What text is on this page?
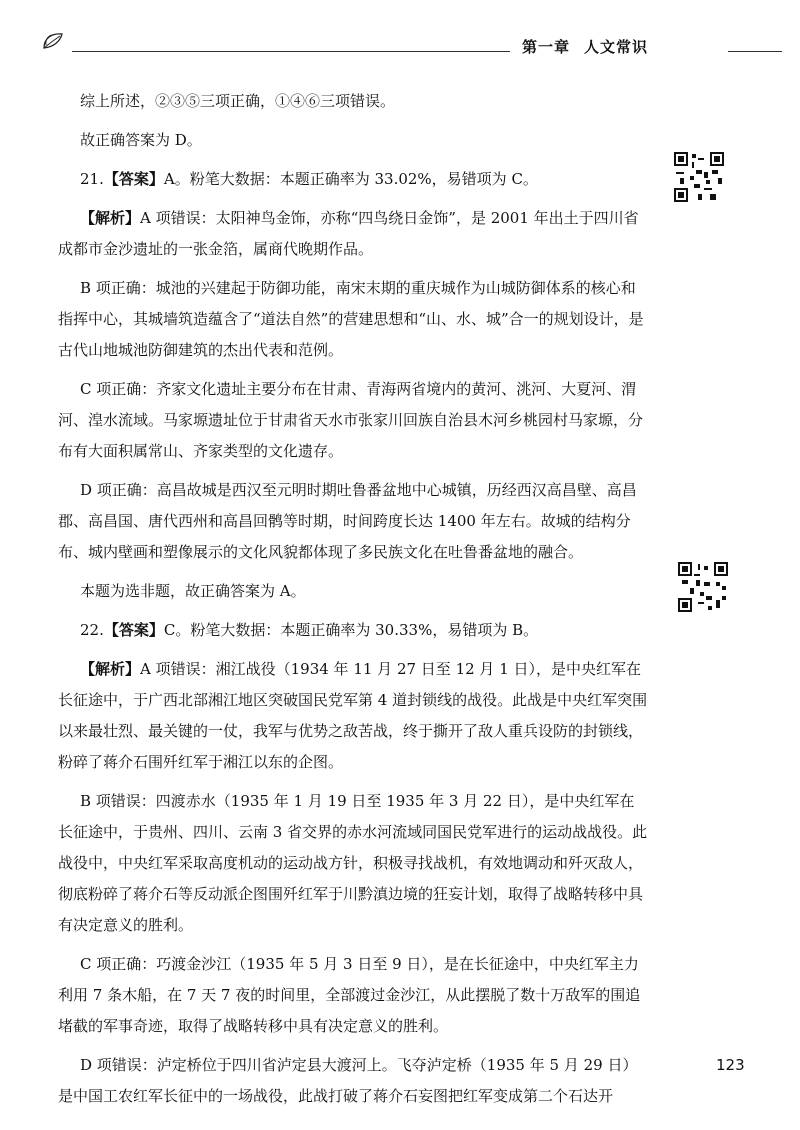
第一章 人文常识

综上所述，②③⑤三项正确，①④⑥三项错误。

故正确答案为 D。

21.【答案】A。粉笔大数据：本题正确率为 33.02%，易错项为 C。

【解析】A 项错误：太阳神鸟金饰，亦称“四鸟绕日金饰”，是 2001 年出土于四川省成都市金沙遗址的一张金箔，属商代晚期作品。

B 项正确：城池的兴建起于防御功能，南宋末期的重庆城作为山城防御体系的核心和指挥中心，其城墙筑造蕴含了“道法自然”的营建思想和“山、水、城”合一的规划设计，是古代山地城池防御建筑的杰出代表和范例。

C 项正确：齐家文化遗址主要分布在甘肃、青海两省境内的黄河、洮河、大夏河、渭河、湟水流域。马家塬遗址位于甘肃省天水市张家川回族自治县木河乡桃园村马家塬，分布有大面积属常山、齐家类型的文化遗存。

D 项正确：高昌故城是西汉至元明时期吐鲁番盆地中心城镇，历经西汉高昌壁、高昌郡、高昌国、唐代西州和高昌回鹘等时期，时间跨度长达 1400 年左右。故城的结构分布、城内壁画和塑像展示的文化风貌都体现了多民族文化在吐鲁番盆地的融合。

本题为选非题，故正确答案为 A。

22.【答案】C。粉笔大数据：本题正确率为 30.33%，易错项为 B。

【解析】A 项错误：湘江战役（1934 年 11 月 27 日至 12 月 1 日），是中央红军在长征途中，于广西北部湘江地区突破国民党军第 4 道封锁线的战役。此战是中央红军突围以来最壮烈、最关键的一仗，我军与优势之敌苦战，终于撕开了敌人重兵设防的封锁线，粉碎了蒋介石围歼红军于湘江以东的企图。

B 项错误：四渡赤水（1935 年 1 月 19 日至 1935 年 3 月 22 日），是中央红军在长征途中，于贵州、四川、云南 3 省交界的赤水河流域同国民党军进行的运动战战役。此战役中，中央红军采取高度机动的运动战方针，积极寻找战机，有效地调动和歼灭敌人，彻底粉碎了蒋介石等反动派企图围歼红军于川黔滇边境的狂妄计划，取得了战略转移中具有决定意义的胜利。

C 项正确：巧渡金沙江（1935 年 5 月 3 日至 9 日），是在长征途中，中央红军主力利用 7 条木船，在 7 天 7 夜的时间里，全部渡过金沙江，从此摆脱了数十万敌军的围追堵截的军事奇迹，取得了战略转移中具有决定意义的胜利。

D 项错误：泸定桥位于四川省泸定县大渡河上。飞夺泸定桥（1935 年 5 月 29 日）是中国工农红军长征中的一场战役，此战打破了蒋介石妄图把红军变成第二个石达开

123
